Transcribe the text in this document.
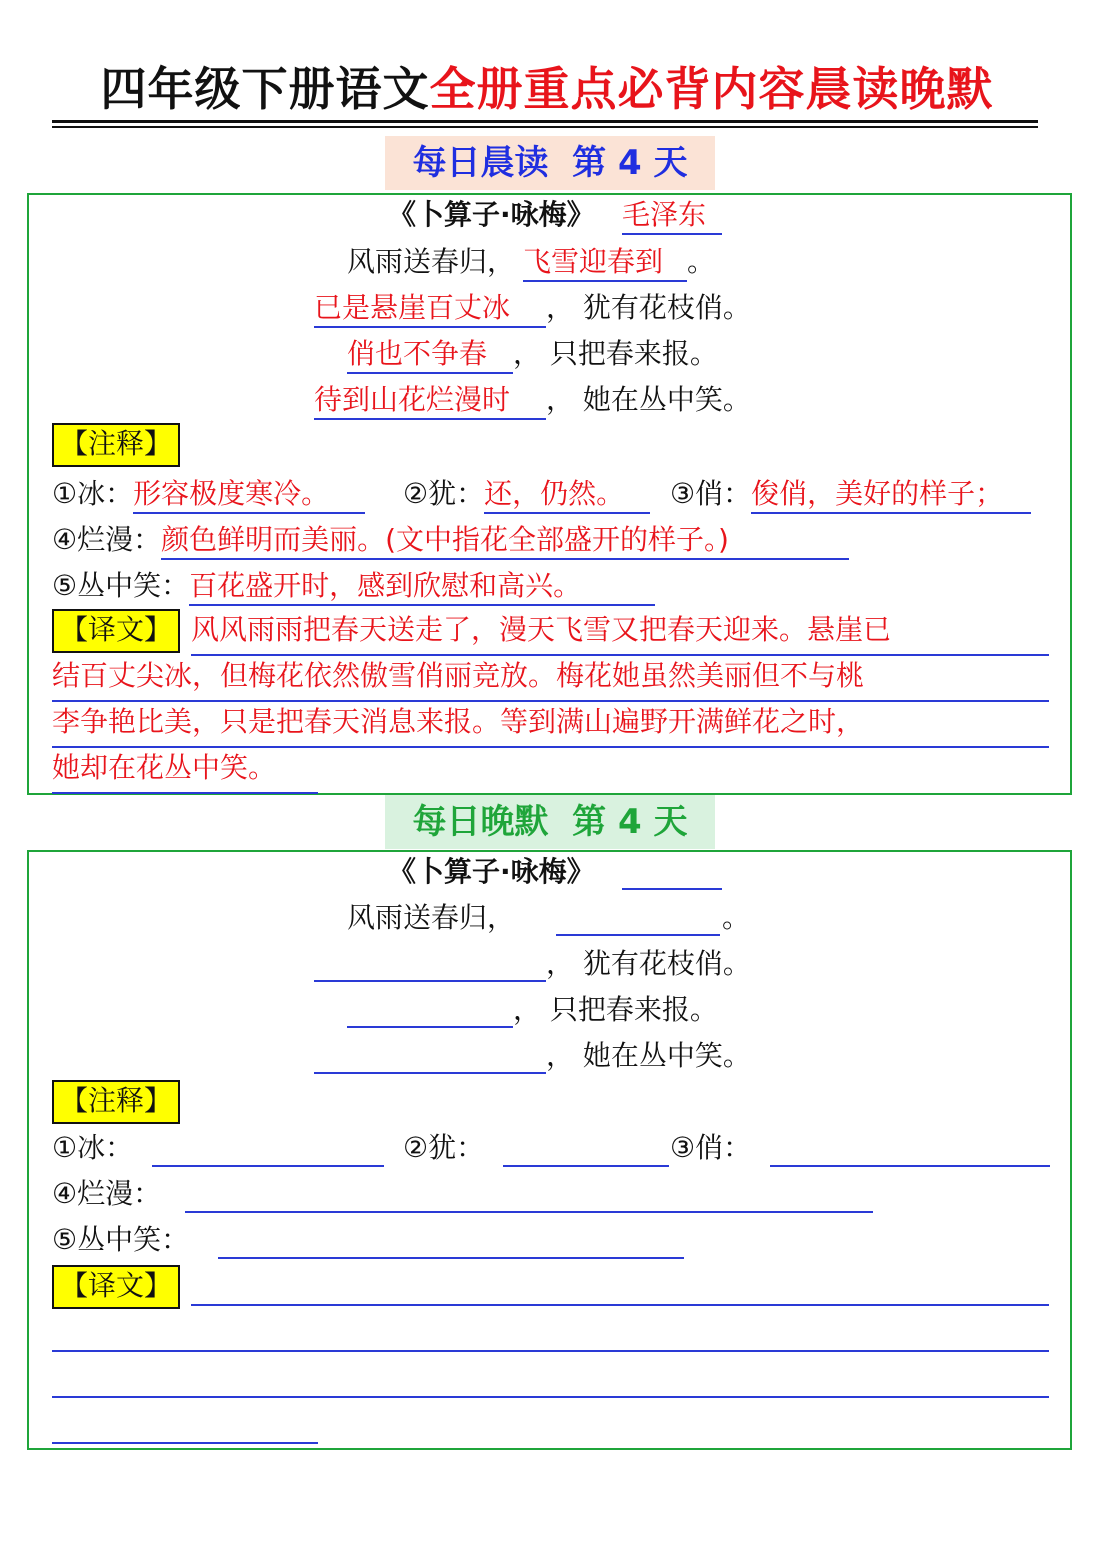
四年级下册语文全册重点必背内容晨读晚默
每日晨读  第 4 天
《卜算子·咏梅》 毛泽东
风雨送春归， 飞雪迎春到 。
已是悬崖百丈冰 ， 犹有花枝俏。
俏也不争春 ， 只把春来报。
待到山花烂漫时 ， 她在丛中笑。
【注释】
①冰：形容极度寒冷。	②犹：还，仍然。	③俏：俊俏，美好的样子；
④烂漫：颜色鲜明而美丽。(文中指花全部盛开的样子。)
⑤丛中笑：百花盛开时，感到欣慰和高兴。
【译文】 风风雨雨把春天送走了，漫天飞雪又把春天迎来。悬崖已
结百丈尖冰，但梅花依然傲雪俏丽竞放。梅花她虽然美丽但不与桃
李争艳比美，只是把春天消息来报。等到满山遍野开满鲜花之时，
她却在花丛中笑。
每日晚默  第 4 天
《卜算子·咏梅》
风雨送春归，	。
， 犹有花枝俏。
， 只把春来报。
， 她在丛中笑。
【注释】
①冰：	②犹：	③俏：
④烂漫：
⑤丛中笑：
【译文】
